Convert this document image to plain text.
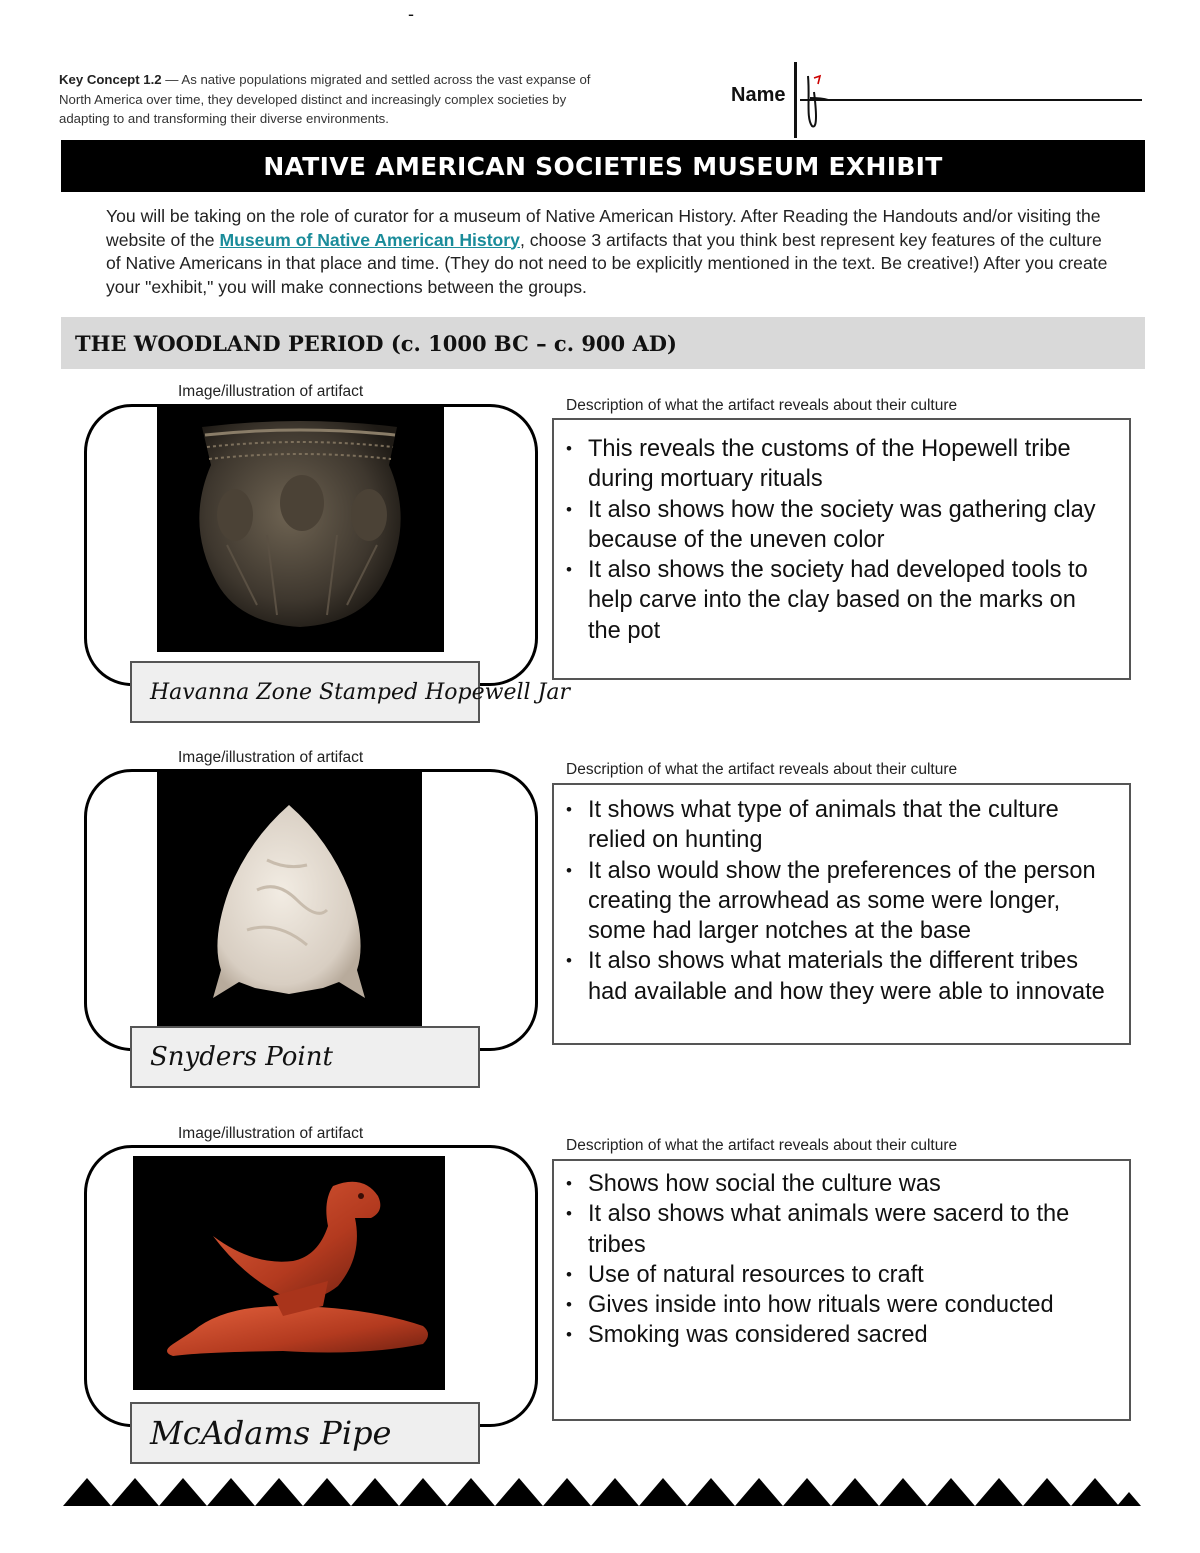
-
Key Concept 1.2 — As native populations migrated and settled across the vast expanse of North America over time, they developed distinct and increasingly complex societies by adapting to and transforming their diverse environments.
Name
NATIVE AMERICAN SOCIETIES MUSEUM EXHIBIT
You will be taking on the role of curator for a museum of Native American History. After Reading the Handouts and/or visiting the website of the Museum of Native American History, choose 3 artifacts that you think best represent key features of the culture of Native Americans in that place and time. (They do not need to be explicitly mentioned in the text. Be creative!) After you create your "exhibit," you will make connections between the groups.
THE WOODLAND PERIOD (c. 1000 BC – c. 900 AD)
Image/illustration of artifact
Havanna Zone Stamped Hopewell Jar
Description of what the artifact reveals about their culture
• This reveals the customs of the Hopewell tribe during mortuary rituals
• It also shows how the society was gathering clay because of the uneven color
• It also shows the society had developed tools to help carve into the clay based on the marks on the pot
Image/illustration of artifact
Snyders Point
Description of what the artifact reveals about their culture
• It shows what type of animals that the culture relied on hunting
• It also would show the preferences of the person creating the arrowhead as some were longer, some had larger notches at the base
• It also shows what materials the different tribes had available and how they were able to innovate
Image/illustration of artifact
McAdams Pipe
Description of what the artifact reveals about their culture
• Shows how social the culture was
• It also shows what animals were sacerd to the tribes
• Use of natural resources to craft
• Gives inside into how rituals were conducted
• Smoking was considered sacred
